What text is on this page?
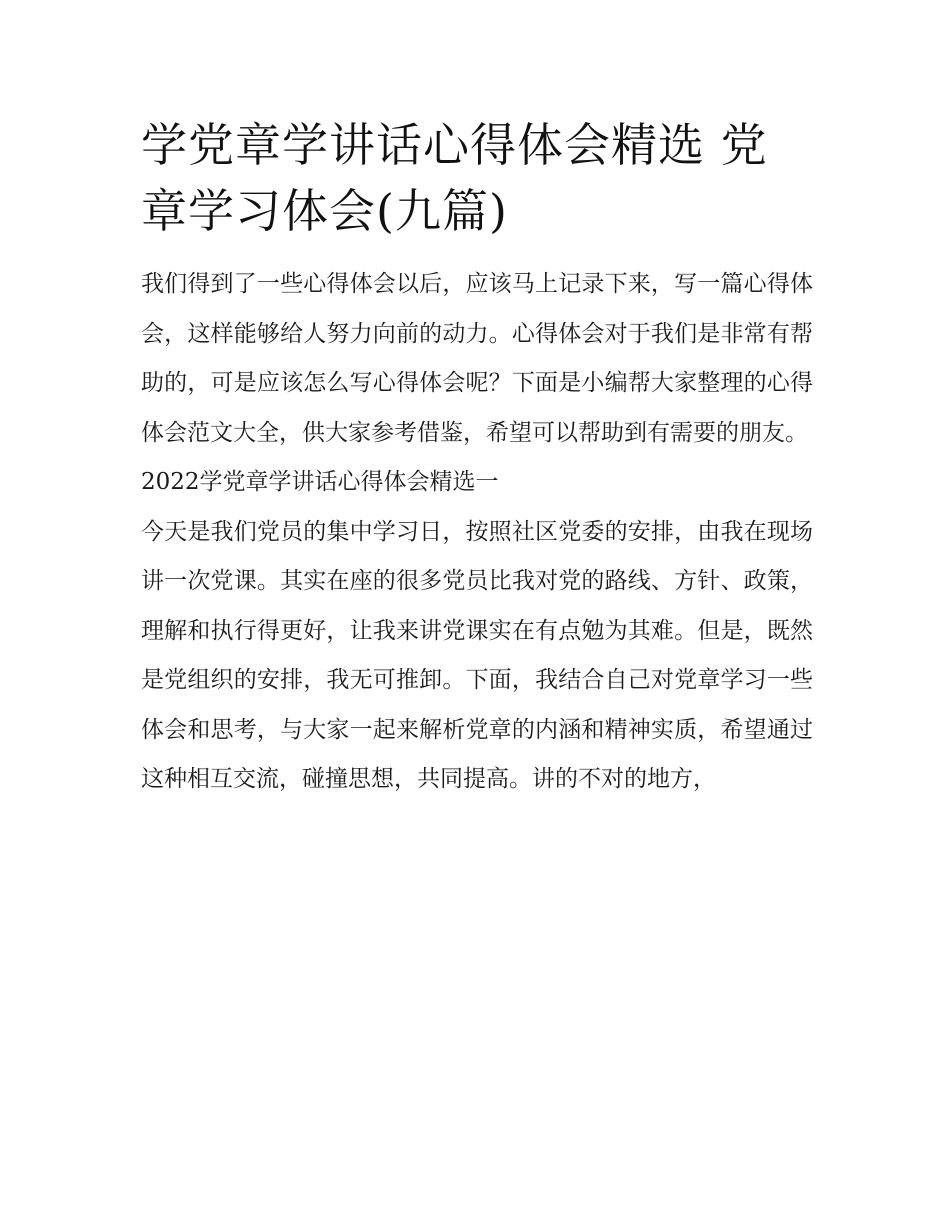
学党章学讲话心得体会精选 党章学习体会(九篇)

我们得到了一些心得体会以后，应该马上记录下来，写一篇心得体会，这样能够给人努力向前的动力。心得体会对于我们是非常有帮助的，可是应该怎么写心得体会呢？下面是小编帮大家整理的心得体会范文大全，供大家参考借鉴，希望可以帮助到有需要的朋友。

2022学党章学讲话心得体会精选一

今天是我们党员的集中学习日，按照社区党委的安排，由我在现场讲一次党课。其实在座的很多党员比我对党的路线、方针、政策，理解和执行得更好，让我来讲党课实在有点勉为其难。但是，既然是党组织的安排，我无可推卸。下面，我结合自己对党章学习一些体会和思考，与大家一起来解析党章的内涵和精神实质，希望通过这种相互交流，碰撞思想，共同提高。讲的不对的地方，
